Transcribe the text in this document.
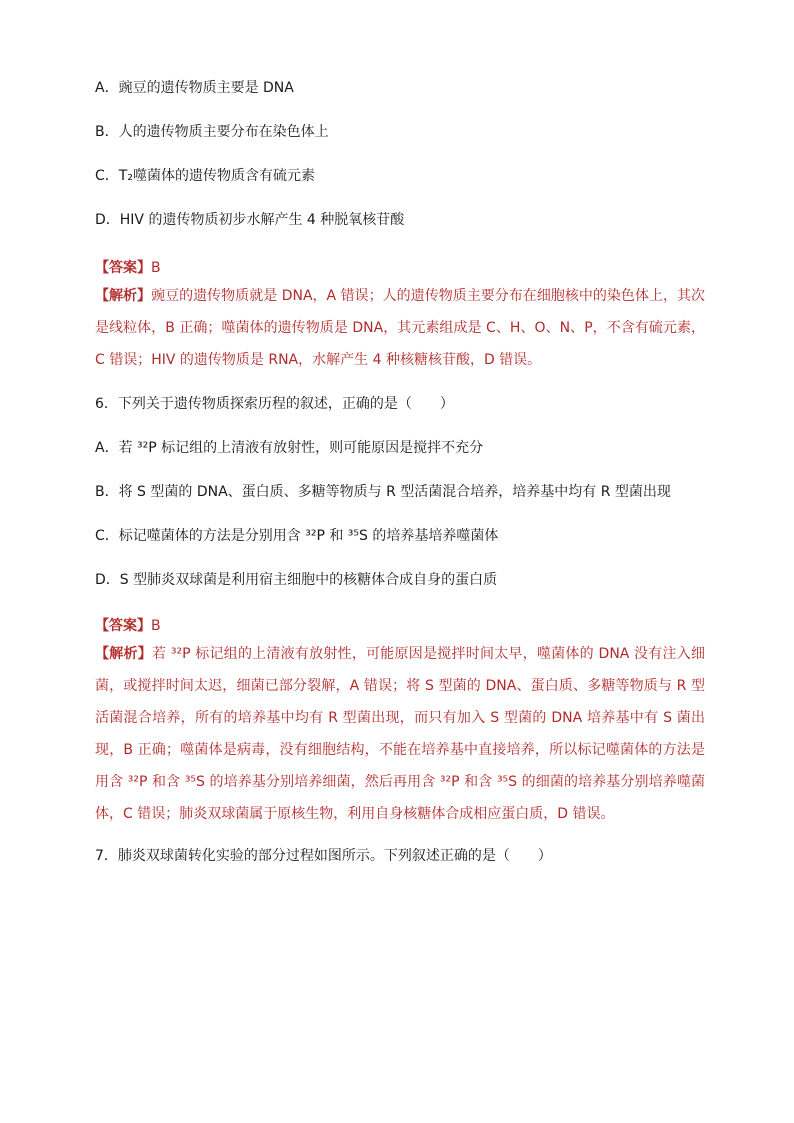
A．豌豆的遗传物质主要是 DNA

B．人的遗传物质主要分布在染色体上

C．T₂噬菌体的遗传物质含有硫元素

D．HIV 的遗传物质初步水解产生 4 种脱氧核苷酸

【答案】B

【解析】豌豆的遗传物质就是 DNA，A 错误；人的遗传物质主要分布在细胞核中的染色体上，其次是线粒体，B 正确；噬菌体的遗传物质是 DNA，其元素组成是 C、H、O、N、P，不含有硫元素，C 错误；HIV 的遗传物质是 RNA，水解产生 4 种核糖核苷酸，D 错误。

6．下列关于遗传物质探索历程的叙述，正确的是（　　）

A．若 ³²P 标记组的上清液有放射性，则可能原因是搅拌不充分

B．将 S 型菌的 DNA、蛋白质、多糖等物质与 R 型活菌混合培养，培养基中均有 R 型菌出现

C．标记噬菌体的方法是分别用含 ³²P 和 ³⁵S 的培养基培养噬菌体

D．S 型肺炎双球菌是利用宿主细胞中的核糖体合成自身的蛋白质

【答案】B

【解析】若 ³²P 标记组的上清液有放射性，可能原因是搅拌时间太早，噬菌体的 DNA 没有注入细菌，或搅拌时间太迟，细菌已部分裂解，A 错误；将 S 型菌的 DNA、蛋白质、多糖等物质与 R 型活菌混合培养，所有的培养基中均有 R 型菌出现，而只有加入 S 型菌的 DNA 培养基中有 S 菌出现，B 正确；噬菌体是病毒，没有细胞结构，不能在培养基中直接培养，所以标记噬菌体的方法是用含 ³²P 和含 ³⁵S 的培养基分别培养细菌，然后再用含 ³²P 和含 ³⁵S 的细菌的培养基分别培养噬菌体，C 错误；肺炎双球菌属于原核生物，利用自身核糖体合成相应蛋白质，D 错误。

7．肺炎双球菌转化实验的部分过程如图所示。下列叙述正确的是（　　）
